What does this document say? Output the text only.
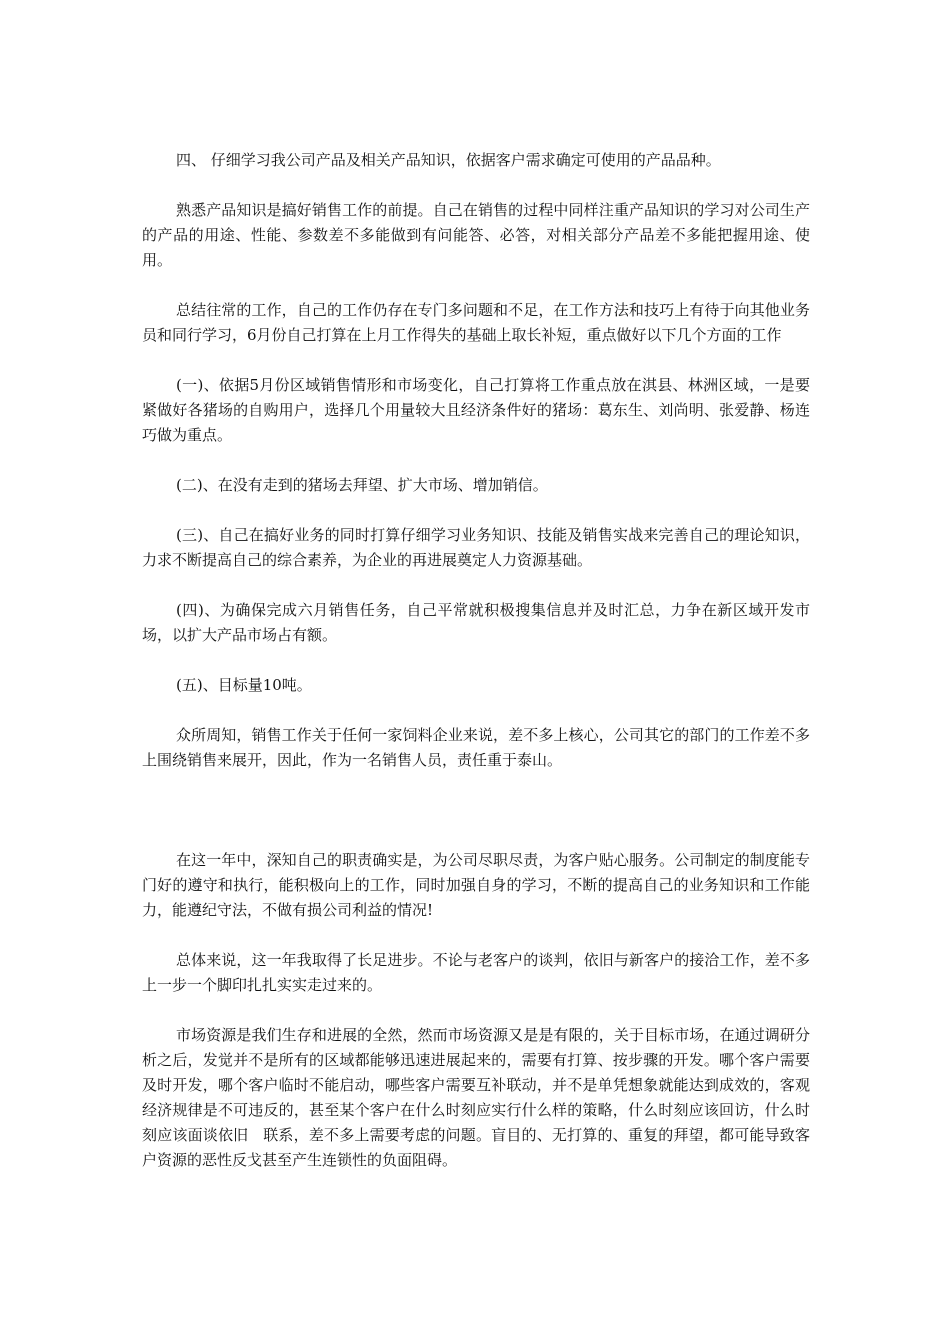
四、 仔细学习我公司产品及相关产品知识，依据客户需求确定可使用的产品品种。

熟悉产品知识是搞好销售工作的前提。自己在销售的过程中同样注重产品知识的学习对公司生产的产品的用途、性能、参数差不多能做到有问能答、必答，对相关部分产品差不多能把握用途、使用。

总结往常的工作，自己的工作仍存在专门多问题和不足，在工作方法和技巧上有待于向其他业务员和同行学习，6月份自己打算在上月工作得失的基础上取长补短，重点做好以下几个方面的工作

(一)、依据5月份区域销售情形和市场变化，自己打算将工作重点放在淇县、林洲区域，一是要紧做好各猪场的自购用户，选择几个用量较大且经济条件好的猪场：葛东生、刘尚明、张爱静、杨连巧做为重点。

(二)、在没有走到的猪场去拜望、扩大市场、增加销信。

(三)、自己在搞好业务的同时打算仔细学习业务知识、技能及销售实战来完善自己的理论知识，力求不断提高自己的综合素养，为企业的再进展奠定人力资源基础。

(四)、为确保完成六月销售任务，自己平常就积极搜集信息并及时汇总，力争在新区域开发市场，以扩大产品市场占有额。

(五)、目标量10吨。

众所周知，销售工作关于任何一家饲料企业来说，差不多上核心，公司其它的部门的工作差不多上围绕销售来展开，因此，作为一名销售人员，责任重于泰山。

在这一年中，深知自己的职责确实是，为公司尽职尽责，为客户贴心服务。公司制定的制度能专门好的遵守和执行，能积极向上的工作，同时加强自身的学习，不断的提高自己的业务知识和工作能力，能遵纪守法，不做有损公司利益的情况!

总体来说，这一年我取得了长足进步。不论与老客户的谈判，依旧与新客户的接洽工作，差不多上一步一个脚印扎扎实实走过来的。

市场资源是我们生存和进展的全然，然而市场资源又是是有限的，关于目标市场，在通过调研分析之后，发觉并不是所有的区域都能够迅速进展起来的，需要有打算、按步骤的开发。哪个客户需要及时开发，哪个客户临时不能启动，哪些客户需要互补联动，并不是单凭想象就能达到成效的，客观经济规律是不可违反的，甚至某个客户在什么时刻应实行什么样的策略，什么时刻应该回访，什么时刻应该面谈依旧   联系，差不多上需要考虑的问题。盲目的、无打算的、重复的拜望，都可能导致客户资源的恶性反戈甚至产生连锁性的负面阻碍。
